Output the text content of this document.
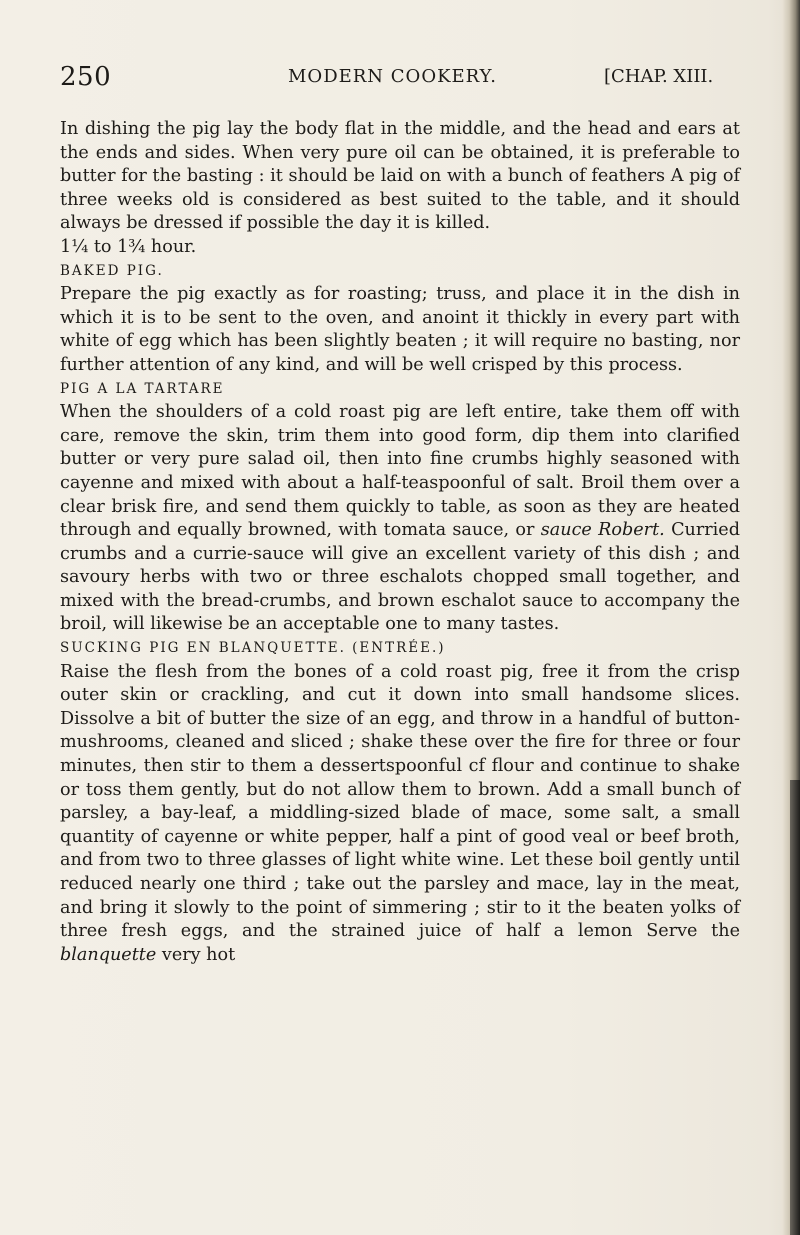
250	MODERN COOKERY.	[CHAP. XIII.

In dishing the pig lay the body flat in the middle, and the head and ears at the ends and sides. When very pure oil can be obtained, it is preferable to butter for the basting : it should be laid on with a bunch of feathers A pig of three weeks old is considered as best suited to the table, and it should always be dressed if possible the day it is killed.

1¼ to 1¾ hour.

BAKED PIG.

Prepare the pig exactly as for roasting; truss, and place it in the dish in which it is to be sent to the oven, and anoint it thickly in every part with white of egg which has been slightly beaten ; it will require no basting, nor further attention of any kind, and will be well crisped by this process.

PIG A LA TARTARE

When the shoulders of a cold roast pig are left entire, take them off with care, remove the skin, trim them into good form, dip them into clarified butter or very pure salad oil, then into fine crumbs highly seasoned with cayenne and mixed with about a half-teaspoonful of salt. Broil them over a clear brisk fire, and send them quickly to table, as soon as they are heated through and equally browned, with tomata sauce, or sauce Robert. Curried crumbs and a currie-sauce will give an excellent variety of this dish ; and savoury herbs with two or three eschalots chopped small together, and mixed with the bread-crumbs, and brown eschalot sauce to accompany the broil, will likewise be an acceptable one to many tastes.

SUCKING PIG EN BLANQUETTE. (ENTRÉE.)

Raise the flesh from the bones of a cold roast pig, free it from the crisp outer skin or crackling, and cut it down into small handsome slices. Dissolve a bit of butter the size of an egg, and throw in a handful of button-mushrooms, cleaned and sliced ; shake these over the fire for three or four minutes, then stir to them a dessertspoonful cf flour and continue to shake or toss them gently, but do not allow them to brown. Add a small bunch of parsley, a bay-leaf, a middling-sized blade of mace, some salt, a small quantity of cayenne or white pepper, half a pint of good veal or beef broth, and from two to three glasses of light white wine. Let these boil gently until reduced nearly one third ; take out the parsley and mace, lay in the meat, and bring it slowly to the point of simmering ; stir to it the beaten yolks of three fresh eggs, and the strained juice of half a lemon Serve the blanquette very hot
